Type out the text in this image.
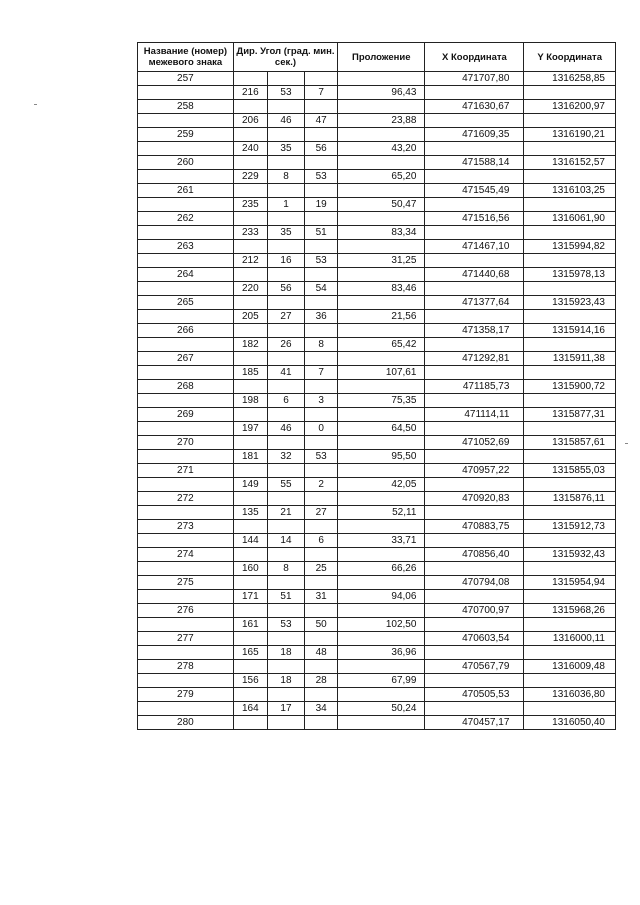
Название (номер) межевого знака	Дир. Угол (град. мин. сек.)			Проложение	X Координата	Y Координата
257					471707,80	1316258,85
	216	53	7	96,43		
258					471630,67	1316200,97
	206	46	47	23,88		
259					471609,35	1316190,21
	240	35	56	43,20		
260					471588,14	1316152,57
	229	8	53	65,20		
261					471545,49	1316103,25
	235	1	19	50,47		
262					471516,56	1316061,90
	233	35	51	83,34		
263					471467,10	1315994,82
	212	16	53	31,25		
264					471440,68	1315978,13
	220	56	54	83,46		
265					471377,64	1315923,43
	205	27	36	21,56		
266					471358,17	1315914,16
	182	26	8	65,42		
267					471292,81	1315911,38
	185	41	7	107,61		
268					471185,73	1315900,72
	198	6	3	75,35		
269					471114,11	1315877,31
	197	46	0	64,50		
270					471052,69	1315857,61
	181	32	53	95,50		
271					470957,22	1315855,03
	149	55	2	42,05		
272					470920,83	1315876,11
	135	21	27	52,11		
273					470883,75	1315912,73
	144	14	6	33,71		
274					470856,40	1315932,43
	160	8	25	66,26		
275					470794,08	1315954,94
	171	51	31	94,06		
276					470700,97	1315968,26
	161	53	50	102,50		
277					470603,54	1316000,11
	165	18	48	36,96		
278					470567,79	1316009,48
	156	18	28	67,99		
279					470505,53	1316036,80
	164	17	34	50,24		
280					470457,17	1316050,40
